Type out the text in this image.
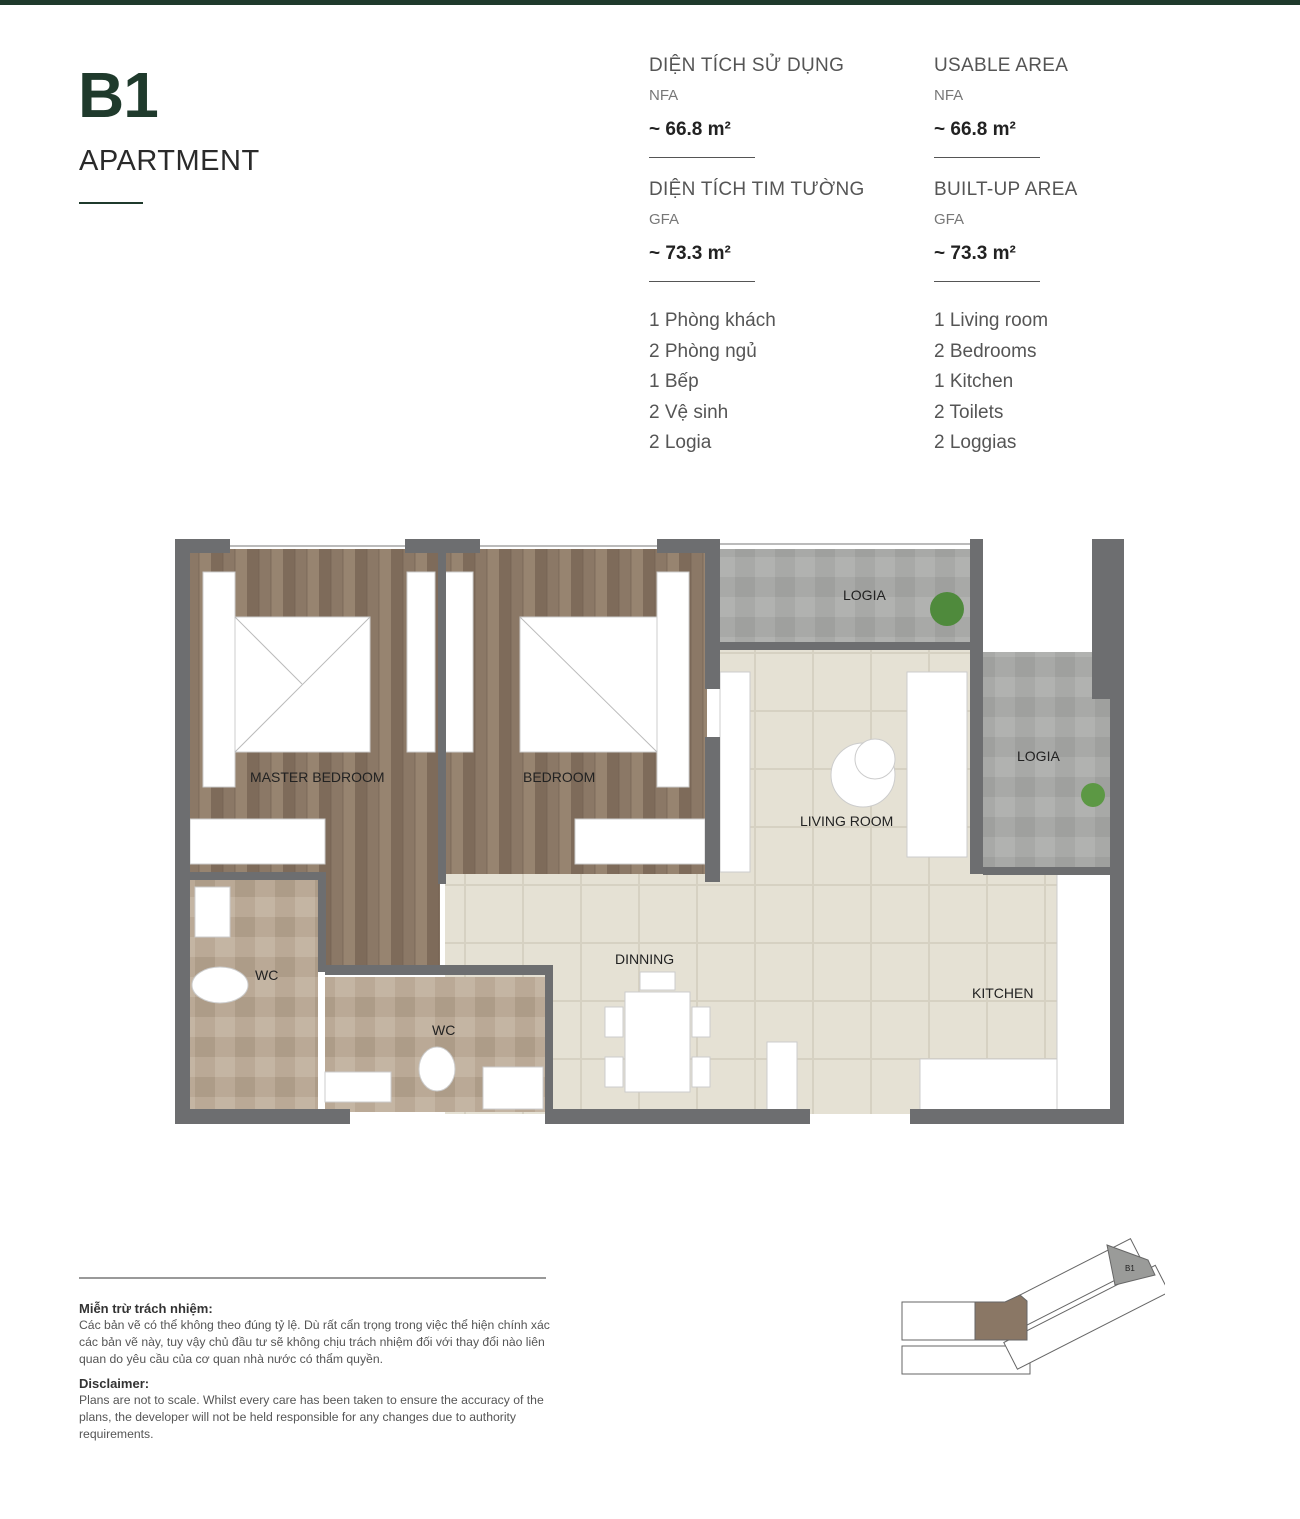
B1
APARTMENT
DIỆN TÍCH SỬ DỤNG
NFA
~ 66.8 m²
DIỆN TÍCH TIM TƯỜNG
GFA
~ 73.3 m²
USABLE AREA
NFA
~ 66.8 m²
BUILT-UP AREA
GFA
~ 73.3 m²
1 Phòng khách
2 Phòng ngủ
1 Bếp
2 Vệ sinh
2 Logia
1 Living room
2 Bedrooms
1 Kitchen
2 Toilets
2 Loggias
MASTER BEDROOM	BEDROOM
LOGIA
LOGIA
LIVING ROOM
DINNING
KITCHEN
WC
WC
Miễn trừ trách nhiệm:
Các bản vẽ có thể không theo đúng tỷ lệ. Dù rất cẩn trọng trong việc thể hiện chính xác các bản vẽ này, tuy vậy chủ đầu tư sẽ không chịu trách nhiệm đối với thay đổi nào liên quan do yêu cầu của cơ quan nhà nước có thẩm quyền.
Disclaimer:
Plans are not to scale. Whilst every care has been taken to ensure the accuracy of the plans, the developer will not be held responsible for any changes due to authority requirements.
B1
